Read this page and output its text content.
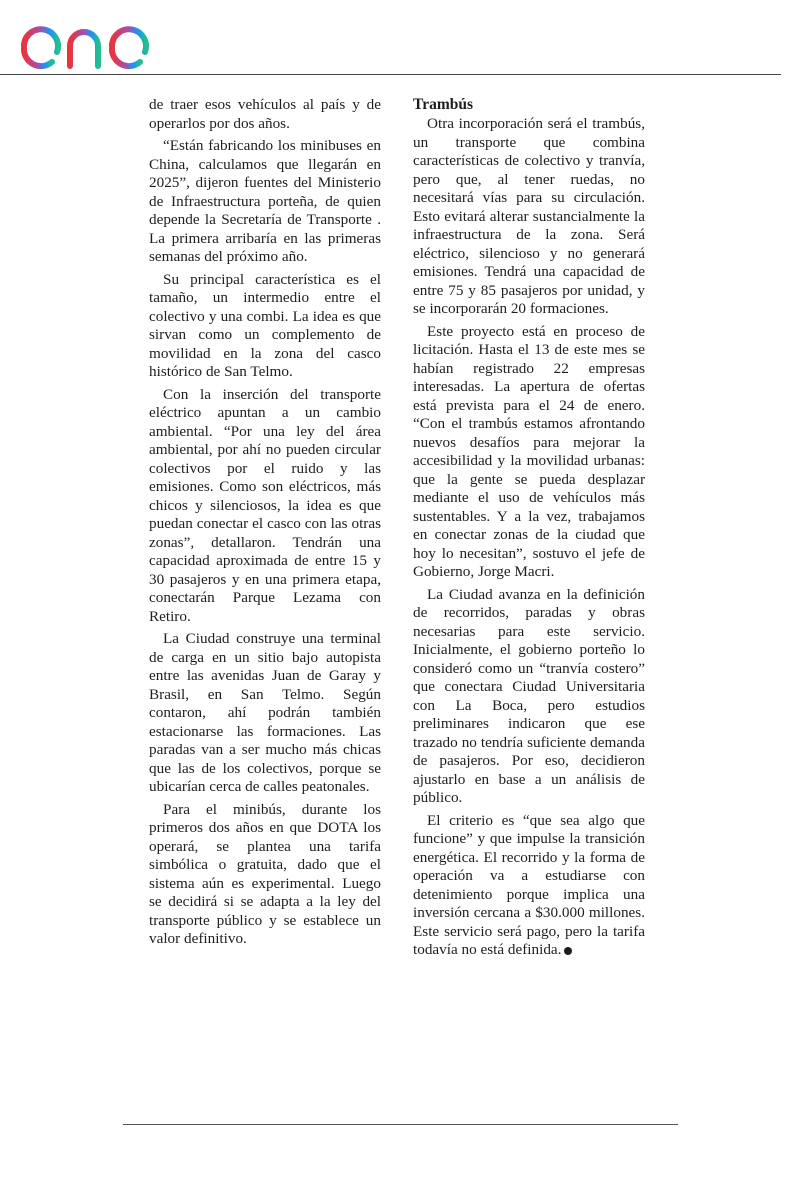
enel

de traer esos vehículos al país y de operarlos por dos años.

“Están fabricando los minibuses en China, calculamos que llegarán en 2025”, dijeron fuentes del Ministerio de Infraestructura porteña, de quien depende la Secretaría de Transporte . La primera arribaría en las primeras semanas del próximo año.

Su principal característica es el tamaño, un intermedio entre el colectivo y una combi. La idea es que sirvan como un complemento de movilidad en la zona del casco histórico de San Telmo.

Con la inserción del transporte eléctrico apuntan a un cambio ambiental. “Por una ley del área ambiental, por ahí no pueden circular colectivos por el ruido y las emisiones. Como son eléctricos, más chicos y silenciosos, la idea es que puedan conectar el casco con las otras zonas”, detallaron. Tendrán una capacidad aproximada de entre 15 y 30 pasajeros y en una primera etapa, conectarán Parque Lezama con Retiro.

La Ciudad construye una terminal de carga en un sitio bajo autopista entre las avenidas Juan de Garay y Brasil, en San Telmo. Según contaron, ahí podrán también estacionarse las formaciones. Las paradas van a ser mucho más chicas que las de los colectivos, porque se ubicarían cerca de calles peatonales.

Para el minibús, durante los primeros dos años en que DOTA los operará, se plantea una tarifa simbólica o gratuita, dado que el sistema aún es experimental. Luego se decidirá si se adapta a la ley del transporte público y se establece un valor definitivo.

Trambús

Otra incorporación será el trambús, un transporte que combina características de colectivo y tranvía, pero que, al tener ruedas, no necesitará vías para su circulación. Esto evitará alterar sustancialmente la infraestructura de la zona. Será eléctrico, silencioso y no generará emisiones. Tendrá una capacidad de entre 75 y 85 pasajeros por unidad, y se incorporarán 20 formaciones.

Este proyecto está en proceso de licitación. Hasta el 13 de este mes se habían registrado 22 empresas interesadas. La apertura de ofertas está prevista para el 24 de enero. “Con el trambús estamos afrontando nuevos desafíos para mejorar la accesibilidad y la movilidad urbanas: que la gente se pueda desplazar mediante el uso de vehículos más sustentables. Y a la vez, trabajamos en conectar zonas de la ciudad que hoy lo necesitan”, sostuvo el jefe de Gobierno, Jorge Macri.

La Ciudad avanza en la definición de recorridos, paradas y obras necesarias para este servicio. Inicialmente, el gobierno porteño lo consideró como un “tranvía costero” que conectara Ciudad Universitaria con La Boca, pero estudios preliminares indicaron que ese trazado no tendría suficiente demanda de pasajeros. Por eso, decidieron ajustarlo en base a un análisis de público.

El criterio es “que sea algo que funcione” y que impulse la transición energética. El recorrido y la forma de operación va a estudiarse con detenimiento porque implica una inversión cercana a $30.000 millones. Este servicio será pago, pero la tarifa todavía no está definida.
